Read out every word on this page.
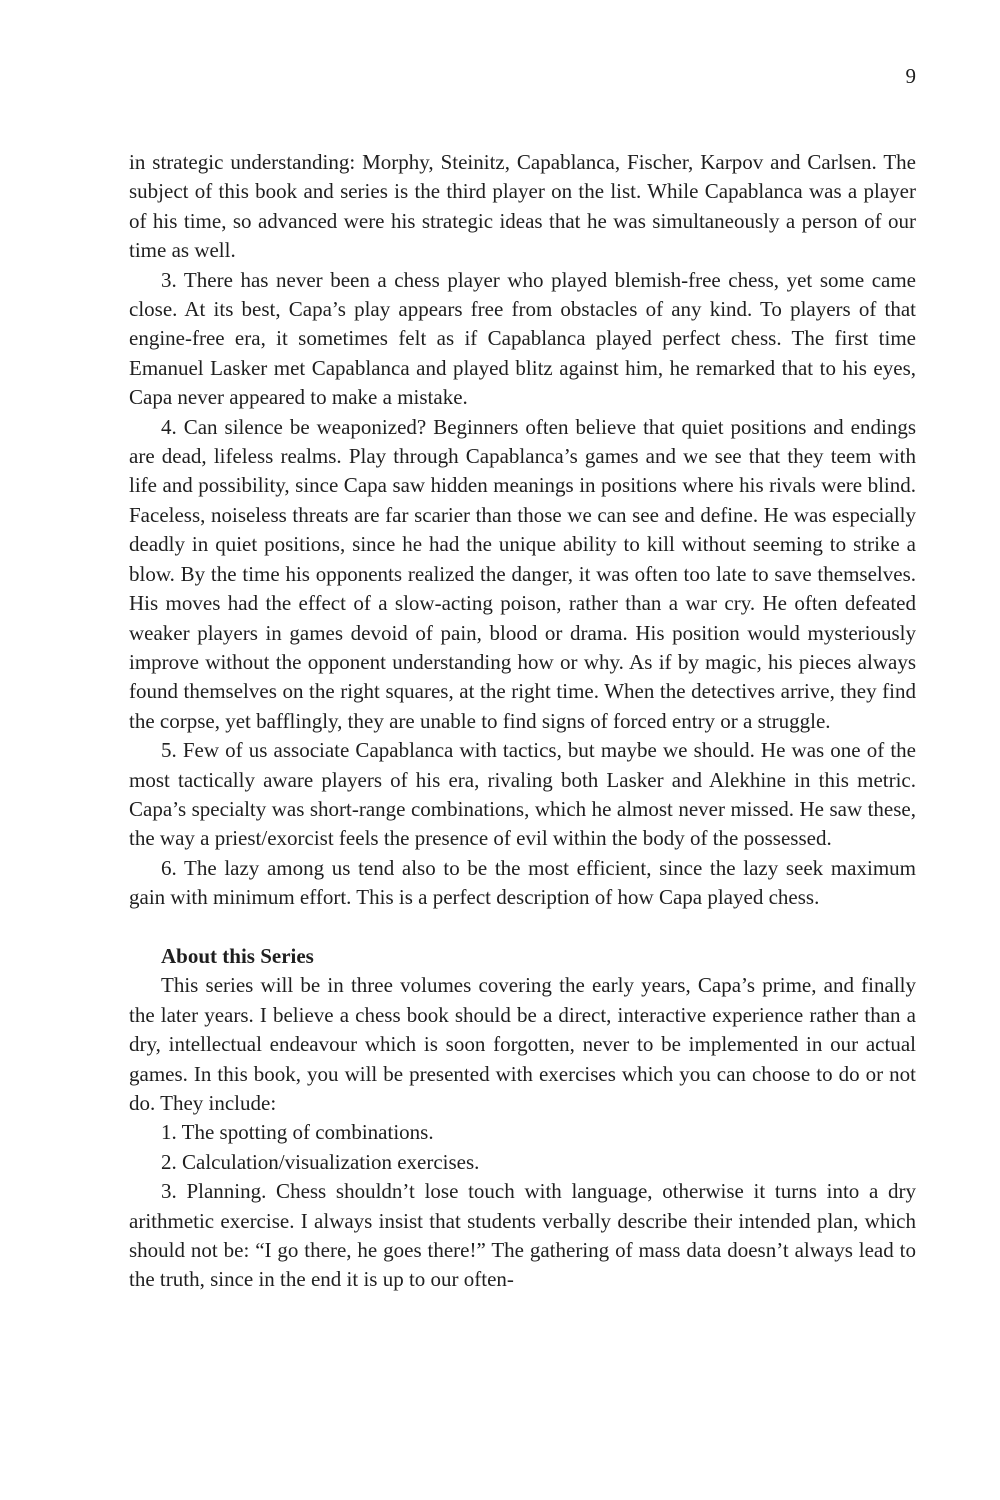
9

in strategic understanding: Morphy, Steinitz, Capablanca, Fischer, Karpov and Carlsen. The subject of this book and series is the third player on the list. While Capablanca was a player of his time, so advanced were his strategic ideas that he was simultaneously a person of our time as well.

3. There has never been a chess player who played blemish-free chess, yet some came close. At its best, Capa’s play appears free from obstacles of any kind. To players of that engine-free era, it sometimes felt as if Capablanca played perfect chess. The first time Emanuel Lasker met Capablanca and played blitz against him, he remarked that to his eyes, Capa never appeared to make a mistake.

4. Can silence be weaponized? Beginners often believe that quiet positions and endings are dead, lifeless realms. Play through Capablanca’s games and we see that they teem with life and possibility, since Capa saw hidden meanings in positions where his rivals were blind. Faceless, noiseless threats are far scarier than those we can see and define. He was especially deadly in quiet positions, since he had the unique ability to kill without seeming to strike a blow. By the time his opponents realized the danger, it was often too late to save themselves. His moves had the effect of a slow-acting poison, rather than a war cry. He often defeated weaker players in games devoid of pain, blood or drama. His position would mysteriously improve without the opponent understanding how or why. As if by magic, his pieces always found themselves on the right squares, at the right time. When the detectives arrive, they find the corpse, yet bafflingly, they are unable to find signs of forced entry or a struggle.

5. Few of us associate Capablanca with tactics, but maybe we should. He was one of the most tactically aware players of his era, rivaling both Lasker and Alekhine in this metric. Capa’s specialty was short-range combinations, which he almost never missed. He saw these, the way a priest/exorcist feels the presence of evil within the body of the possessed.

6. The lazy among us tend also to be the most efficient, since the lazy seek maximum gain with minimum effort. This is a perfect description of how Capa played chess.

About this Series

This series will be in three volumes covering the early years, Capa’s prime, and finally the later years. I believe a chess book should be a direct, interactive experience rather than a dry, intellectual endeavour which is soon forgotten, never to be implemented in our actual games. In this book, you will be presented with exercises which you can choose to do or not do. They include:

1. The spotting of combinations.

2. Calculation/visualization exercises.

3. Planning. Chess shouldn’t lose touch with language, otherwise it turns into a dry arithmetic exercise. I always insist that students verbally describe their intended plan, which should not be: “I go there, he goes there!” The gathering of mass data doesn’t always lead to the truth, since in the end it is up to our often-
